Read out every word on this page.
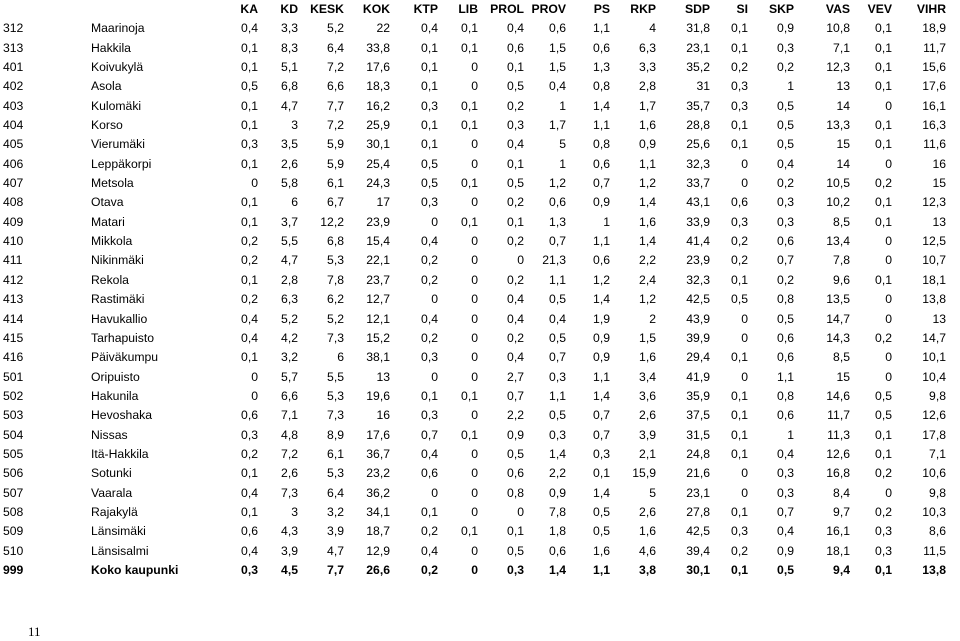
		KA	KD	KESK	KOK	KTP	LIB	PROL	PROV	PS	RKP	SDP	SI	SKP	VAS	VEV	VIHR
312	Maarinoja	0,4	3,3	5,2	22	0,4	0,1	0,4	0,6	1,1	4	31,8	0,1	0,9	10,8	0,1	18,9
313	Hakkila	0,1	8,3	6,4	33,8	0,1	0,1	0,6	1,5	0,6	6,3	23,1	0,1	0,3	7,1	0,1	11,7
401	Koivukylä	0,1	5,1	7,2	17,6	0,1	0	0,1	1,5	1,3	3,3	35,2	0,2	0,2	12,3	0,1	15,6
402	Asola	0,5	6,8	6,6	18,3	0,1	0	0,5	0,4	0,8	2,8	31	0,3	1	13	0,1	17,6
403	Kulomäki	0,1	4,7	7,7	16,2	0,3	0,1	0,2	1	1,4	1,7	35,7	0,3	0,5	14	0	16,1
404	Korso	0,1	3	7,2	25,9	0,1	0,1	0,3	1,7	1,1	1,6	28,8	0,1	0,5	13,3	0,1	16,3
405	Vierumäki	0,3	3,5	5,9	30,1	0,1	0	0,4	5	0,8	0,9	25,6	0,1	0,5	15	0,1	11,6
406	Leppäkorpi	0,1	2,6	5,9	25,4	0,5	0	0,1	1	0,6	1,1	32,3	0	0,4	14	0	16
407	Metsola	0	5,8	6,1	24,3	0,5	0,1	0,5	1,2	0,7	1,2	33,7	0	0,2	10,5	0,2	15
408	Otava	0,1	6	6,7	17	0,3	0	0,2	0,6	0,9	1,4	43,1	0,6	0,3	10,2	0,1	12,3
409	Matari	0,1	3,7	12,2	23,9	0	0,1	0,1	1,3	1	1,6	33,9	0,3	0,3	8,5	0,1	13
410	Mikkola	0,2	5,5	6,8	15,4	0,4	0	0,2	0,7	1,1	1,4	41,4	0,2	0,6	13,4	0	12,5
411	Nikinmäki	0,2	4,7	5,3	22,1	0,2	0	0	21,3	0,6	2,2	23,9	0,2	0,7	7,8	0	10,7
412	Rekola	0,1	2,8	7,8	23,7	0,2	0	0,2	1,1	1,2	2,4	32,3	0,1	0,2	9,6	0,1	18,1
413	Rastimäki	0,2	6,3	6,2	12,7	0	0	0,4	0,5	1,4	1,2	42,5	0,5	0,8	13,5	0	13,8
414	Havukallio	0,4	5,2	5,2	12,1	0,4	0	0,4	0,4	1,9	2	43,9	0	0,5	14,7	0	13
415	Tarhapuisto	0,4	4,2	7,3	15,2	0,2	0	0,2	0,5	0,9	1,5	39,9	0	0,6	14,3	0,2	14,7
416	Päiväkumpu	0,1	3,2	6	38,1	0,3	0	0,4	0,7	0,9	1,6	29,4	0,1	0,6	8,5	0	10,1
501	Oripuisto	0	5,7	5,5	13	0	0	2,7	0,3	1,1	3,4	41,9	0	1,1	15	0	10,4
502	Hakunila	0	6,6	5,3	19,6	0,1	0,1	0,7	1,1	1,4	3,6	35,9	0,1	0,8	14,6	0,5	9,8
503	Hevoshaka	0,6	7,1	7,3	16	0,3	0	2,2	0,5	0,7	2,6	37,5	0,1	0,6	11,7	0,5	12,6
504	Nissas	0,3	4,8	8,9	17,6	0,7	0,1	0,9	0,3	0,7	3,9	31,5	0,1	1	11,3	0,1	17,8
505	Itä-Hakkila	0,2	7,2	6,1	36,7	0,4	0	0,5	1,4	0,3	2,1	24,8	0,1	0,4	12,6	0,1	7,1
506	Sotunki	0,1	2,6	5,3	23,2	0,6	0	0,6	2,2	0,1	15,9	21,6	0	0,3	16,8	0,2	10,6
507	Vaarala	0,4	7,3	6,4	36,2	0	0	0,8	0,9	1,4	5	23,1	0	0,3	8,4	0	9,8
508	Rajakylä	0,1	3	3,2	34,1	0,1	0	0	7,8	0,5	2,6	27,8	0,1	0,7	9,7	0,2	10,3
509	Länsimäki	0,6	4,3	3,9	18,7	0,2	0,1	0,1	1,8	0,5	1,6	42,5	0,3	0,4	16,1	0,3	8,6
510	Länsisalmi	0,4	3,9	4,7	12,9	0,4	0	0,5	0,6	1,6	4,6	39,4	0,2	0,9	18,1	0,3	11,5
999	Koko kaupunki	0,3	4,5	7,7	26,6	0,2	0	0,3	1,4	1,1	3,8	30,1	0,1	0,5	9,4	0,1	13,8
11
